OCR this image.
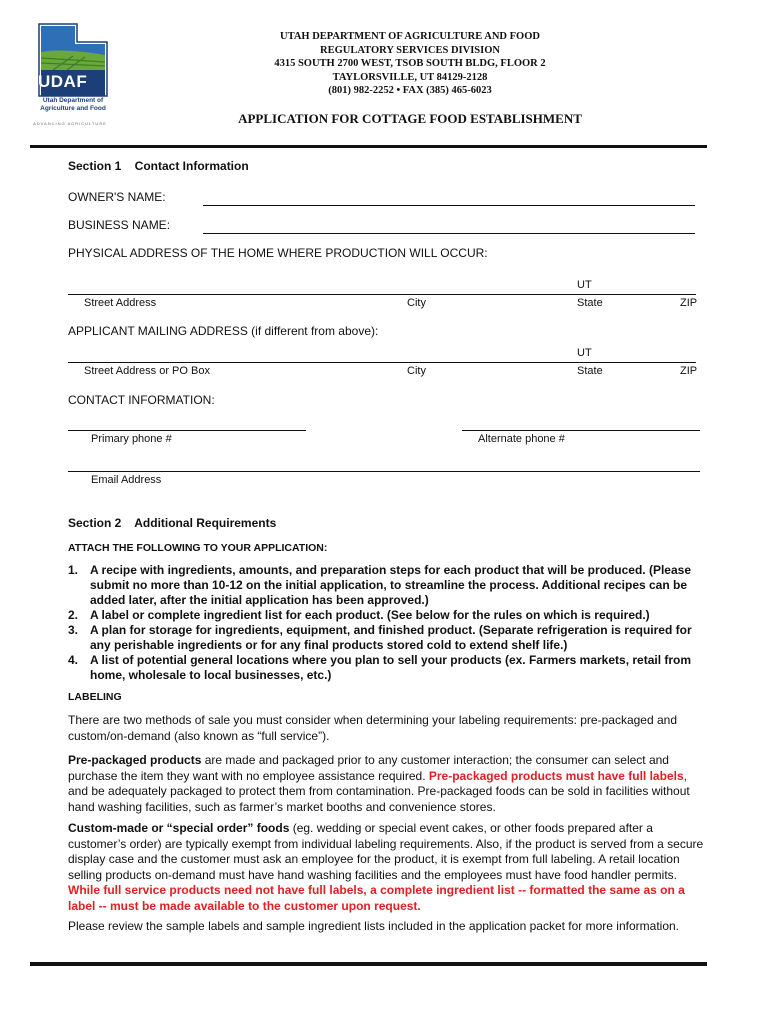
UDAF
Utah Department of
Agriculture and Food
ADVANCING AGRICULTURE
UTAH DEPARTMENT OF AGRICULTURE AND FOOD
REGULATORY SERVICES DIVISION
4315 SOUTH 2700 WEST, TSOB SOUTH BLDG, FLOOR 2
TAYLORSVILLE, UT 84129-2128
(801) 982-2252 • FAX (385) 465-6023
APPLICATION FOR COTTAGE FOOD ESTABLISHMENT
Section 1    Contact Information
OWNER'S NAME:
BUSINESS NAME:
PHYSICAL ADDRESS OF THE HOME WHERE PRODUCTION WILL OCCUR:
UT
Street Address	City	State	ZIP
APPLICANT MAILING ADDRESS (if different from above):
UT
Street Address or PO Box	City	State	ZIP
CONTACT INFORMATION:
Primary phone #	Alternate phone #
Email Address
Section 2    Additional Requirements
ATTACH THE FOLLOWING TO YOUR APPLICATION:
1. A recipe with ingredients, amounts, and preparation steps for each product that will be produced. (Please submit no more than 10-12 on the initial application, to streamline the process. Additional recipes can be added later, after the initial application has been approved.)
2. A label or complete ingredient list for each product. (See below for the rules on which is required.)
3. A plan for storage for ingredients, equipment, and finished product. (Separate refrigeration is required for any perishable ingredients or for any final products stored cold to extend shelf life.)
4. A list of potential general locations where you plan to sell your products (ex. Farmers markets, retail from home, wholesale to local businesses, etc.)
LABELING
There are two methods of sale you must consider when determining your labeling requirements: pre-packaged and custom/on-demand (also known as “full service”).
Pre-packaged products are made and packaged prior to any customer interaction; the consumer can select and purchase the item they want with no employee assistance required. Pre-packaged products must have full labels, and be adequately packaged to protect them from contamination. Pre-packaged foods can be sold in facilities without hand washing facilities, such as farmer’s market booths and convenience stores.
Custom-made or “special order” foods (eg. wedding or special event cakes, or other foods prepared after a customer’s order) are typically exempt from individual labeling requirements. Also, if the product is served from a secure display case and the customer must ask an employee for the product, it is exempt from full labeling. A retail location selling products on-demand must have hand washing facilities and the employees must have food handler permits. While full service products need not have full labels, a complete ingredient list -- formatted the same as on a label -- must be made available to the customer upon request.
Please review the sample labels and sample ingredient lists included in the application packet for more information.
